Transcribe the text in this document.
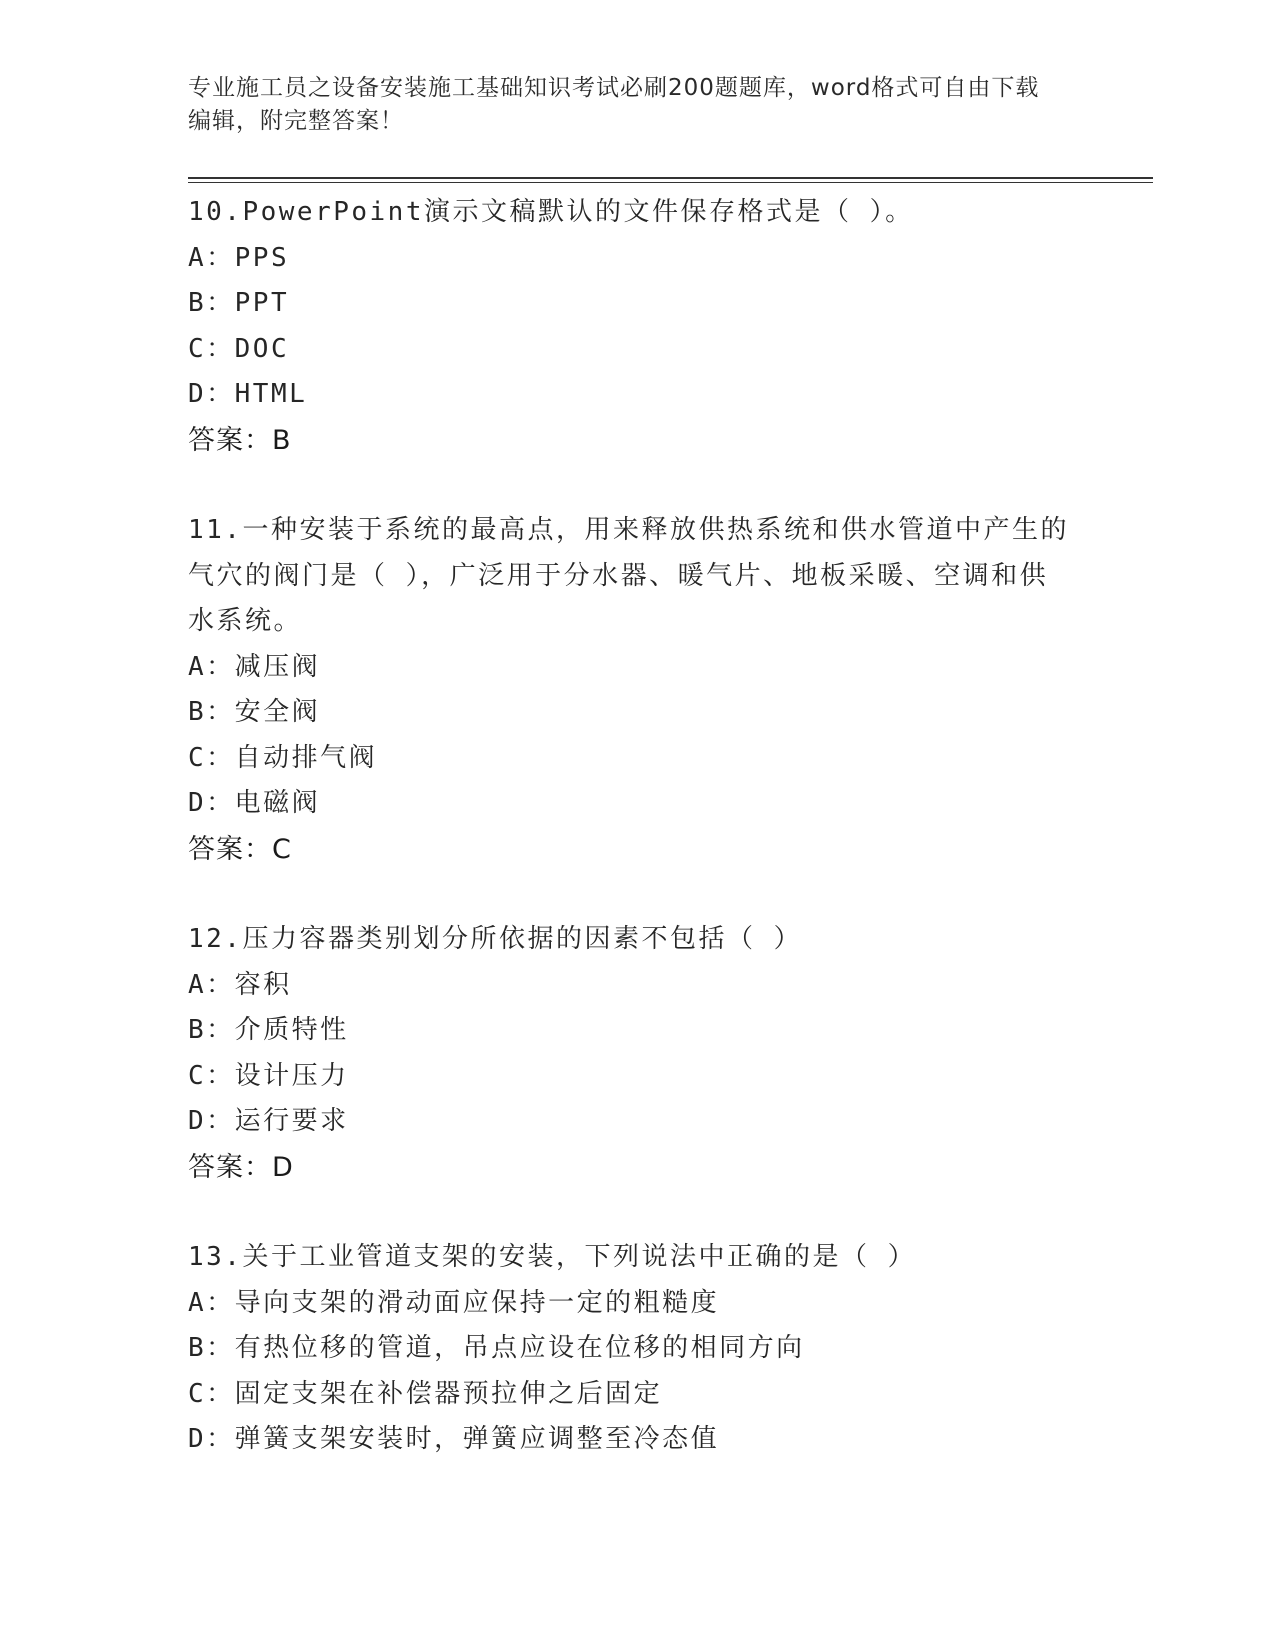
专业施工员之设备安装施工基础知识考试必刷200题题库，word格式可自由下载
编辑，附完整答案！

10.PowerPoint演示文稿默认的文件保存格式是（ ）。

A：PPS

B：PPT

C：DOC

D：HTML

答案：B

11.一种安装于系统的最高点，用来释放供热系统和供水管道中产生的

气穴的阀门是（ ），广泛用于分水器、暖气片、地板采暖、空调和供

水系统。

A：减压阀

B：安全阀

C：自动排气阀

D：电磁阀

答案：C

12.压力容器类别划分所依据的因素不包括（ ）

A：容积

B：介质特性

C：设计压力

D：运行要求

答案：D

13.关于工业管道支架的安装，下列说法中正确的是（ ）

A：导向支架的滑动面应保持一定的粗糙度

B：有热位移的管道，吊点应设在位移的相同方向

C：固定支架在补偿器预拉伸之后固定

D：弹簧支架安装时，弹簧应调整至冷态值
